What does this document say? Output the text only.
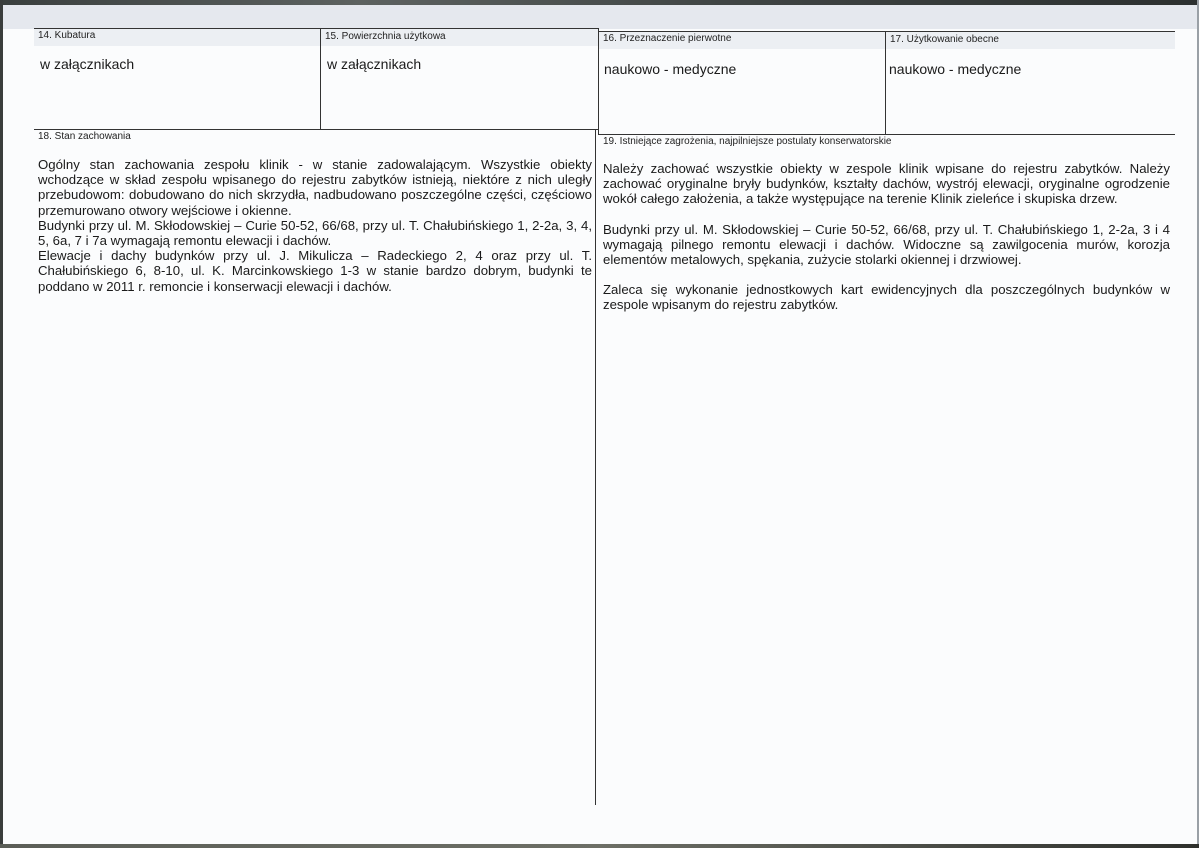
14. Kubatura
w załącznikach
15. Powierzchnia użytkowa
w załącznikach
16. Przeznaczenie pierwotne
naukowo - medyczne
17. Użytkowanie obecne
naukowo - medyczne
18. Stan zachowania

Ogólny stan zachowania zespołu klinik - w stanie zadowalającym. Wszystkie obiekty wchodzące w skład zespołu wpisanego do rejestru zabytków istnieją, niektóre z nich uległy przebudowom: dobudowano do nich skrzydła, nadbudowano poszczególne części, częściowo przemurowano otwory wejściowe i okienne.

Budynki przy ul. M. Skłodowskiej – Curie 50-52, 66/68, przy ul. T. Chałubińskiego 1, 2-2a, 3, 4, 5, 6a, 7 i 7a wymagają remontu elewacji i dachów.

Elewacje i dachy budynków przy ul. J. Mikulicza – Radeckiego 2, 4 oraz przy ul. T. Chałubińskiego 6, 8-10, ul. K. Marcinkowskiego 1-3 w stanie bardzo dobrym, budynki te poddano w 2011 r. remoncie i konserwacji elewacji i dachów.

19. Istniejące zagrożenia, najpilniejsze postulaty konserwatorskie

Należy zachować wszystkie obiekty w zespole klinik wpisane do rejestru zabytków. Należy zachować oryginalne bryły budynków, kształty dachów, wystrój elewacji, oryginalne ogrodzenie wokół całego założenia, a także występujące na terenie Klinik zieleńce i skupiska drzew.

Budynki przy ul. M. Skłodowskiej – Curie 50-52, 66/68, przy ul. T. Chałubińskiego 1, 2-2a, 3 i 4 wymagają pilnego remontu elewacji i dachów. Widoczne są zawilgocenia murów, korozja elementów metalowych, spękania, zużycie stolarki okiennej i drzwiowej.

Zaleca się wykonanie jednostkowych kart ewidencyjnych dla poszczególnych budynków w zespole wpisanym do rejestru zabytków.
